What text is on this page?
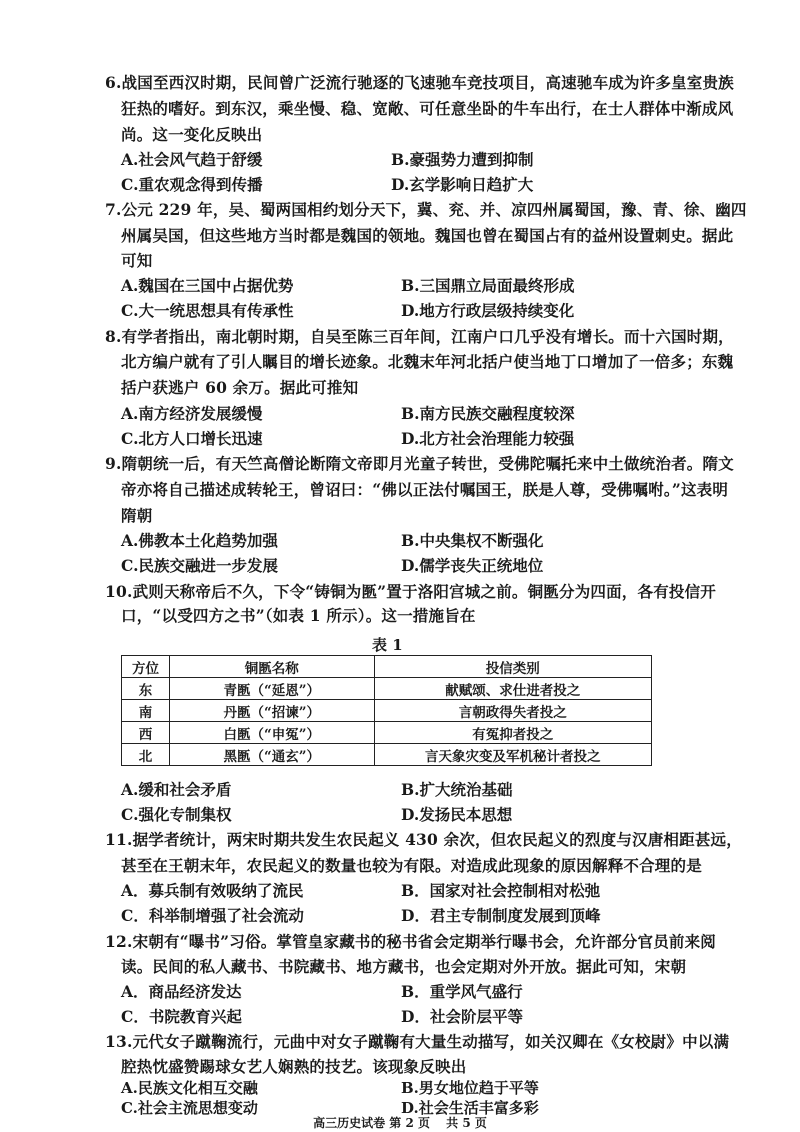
6.战国至西汉时期，民间曾广泛流行驰逐的飞速驰车竞技项目，高速驰车成为许多皇室贵族
狂热的嗜好。到东汉，乘坐慢、稳、宽敞、可任意坐卧的牛车出行，在士人群体中渐成风
尚。这一变化反映出
A.社会风气趋于舒缓	B.豪强势力遭到抑制
C.重农观念得到传播	D.玄学影响日趋扩大
7.公元 229 年，吴、蜀两国相约划分天下，冀、兖、并、凉四州属蜀国，豫、青、徐、幽四
州属吴国，但这些地方当时都是魏国的领地。魏国也曾在蜀国占有的益州设置刺史。据此
可知
A.魏国在三国中占据优势	B.三国鼎立局面最终形成
C.大一统思想具有传承性	D.地方行政层级持续变化
8.有学者指出，南北朝时期，自吴至陈三百年间，江南户口几乎没有增长。而十六国时期，
北方编户就有了引人瞩目的增长迹象。北魏末年河北括户使当地丁口增加了一倍多；东魏
括户获逃户 60 余万。据此可推知
A.南方经济发展缓慢	B.南方民族交融程度较深
C.北方人口增长迅速	D.北方社会治理能力较强
9.隋朝统一后，有天竺高僧论断隋文帝即月光童子转世，受佛陀嘱托来中土做统治者。隋文
帝亦将自己描述成转轮王，曾诏曰：“佛以正法付嘱国王，朕是人尊，受佛嘱咐。”这表明
隋朝
A.佛教本土化趋势加强	B.中央集权不断强化
C.民族交融进一步发展	D.儒学丧失正统地位
10.武则天称帝后不久，下令“铸铜为匦”置于洛阳宫城之前。铜匦分为四面，各有投信开
口，“以受四方之书”（如表 1 所示）。这一措施旨在
表 1
方位	铜匦名称	投信类别
东	青匦（“延恩”）	献赋颂、求仕进者投之
南	丹匦（“招谏”）	言朝政得失者投之
西	白匦（“申冤”）	有冤抑者投之
北	黑匦（“通玄”）	言天象灾变及军机秘计者投之
A.缓和社会矛盾	B.扩大统治基础
C.强化专制集权	D.发扬民本思想
11.据学者统计，两宋时期共发生农民起义 430 余次，但农民起义的烈度与汉唐相距甚远，
甚至在王朝末年，农民起义的数量也较为有限。对造成此现象的原因解释不合理的是
A．募兵制有效吸纳了流民	B．国家对社会控制相对松弛
C．科举制增强了社会流动	D．君主专制制度发展到顶峰
12.宋朝有“曝书”习俗。掌管皇家藏书的秘书省会定期举行曝书会，允许部分官员前来阅
读。民间的私人藏书、书院藏书、地方藏书，也会定期对外开放。据此可知，宋朝
A．商品经济发达	B．重学风气盛行
C．书院教育兴起	D．社会阶层平等
13.元代女子蹴鞠流行，元曲中对女子蹴鞠有大量生动描写，如关汉卿在《女校尉》中以满
腔热忱盛赞踢球女艺人娴熟的技艺。该现象反映出
A.民族文化相互交融	B.男女地位趋于平等
C.社会主流思想变动	D.社会生活丰富多彩
高三历史试卷 第 2 页　 共 5 页
